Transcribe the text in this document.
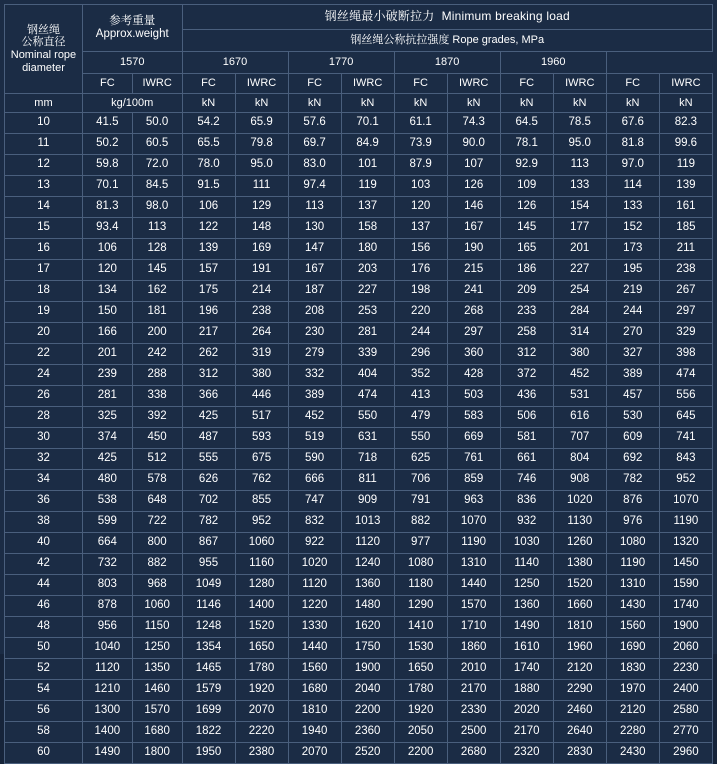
钢丝绳
公称直径
Nominal rope
diameter

参考重量
Approx.weight
	钢丝绳最小破断拉力 Minimum breaking load
			钢丝绳公称抗拉强度 Rope grades, MPa									
	1570		1670		1770		1870		1960			
	FC	IWRC	FC	IWRC	FC	IWRC	FC	IWRC	FC	IWRC	FC	IWRC
mm	kg/100m		kN	kN	kN	kN	kN	kN	kN	kN	kN	kN
10	41.5	50.0	54.2	65.9	57.6	70.1	61.1	74.3	64.5	78.5	67.6	82.3
11	50.2	60.5	65.5	79.8	69.7	84.9	73.9	90.0	78.1	95.0	81.8	99.6
12	59.8	72.0	78.0	95.0	83.0	101	87.9	107	92.9	113	97.0	119
13	70.1	84.5	91.5	111	97.4	119	103	126	109	133	114	139
14	81.3	98.0	106	129	113	137	120	146	126	154	133	161
15	93.4	113	122	148	130	158	137	167	145	177	152	185
16	106	128	139	169	147	180	156	190	165	201	173	211
17	120	145	157	191	167	203	176	215	186	227	195	238
18	134	162	175	214	187	227	198	241	209	254	219	267
19	150	181	196	238	208	253	220	268	233	284	244	297
20	166	200	217	264	230	281	244	297	258	314	270	329
22	201	242	262	319	279	339	296	360	312	380	327	398
24	239	288	312	380	332	404	352	428	372	452	389	474
26	281	338	366	446	389	474	413	503	436	531	457	556
28	325	392	425	517	452	550	479	583	506	616	530	645
30	374	450	487	593	519	631	550	669	581	707	609	741
32	425	512	555	675	590	718	625	761	661	804	692	843
34	480	578	626	762	666	811	706	859	746	908	782	952
36	538	648	702	855	747	909	791	963	836	1020	876	1070
38	599	722	782	952	832	1013	882	1070	932	1130	976	1190
40	664	800	867	1060	922	1120	977	1190	1030	1260	1080	1320
42	732	882	955	1160	1020	1240	1080	1310	1140	1380	1190	1450
44	803	968	1049	1280	1120	1360	1180	1440	1250	1520	1310	1590
46	878	1060	1146	1400	1220	1480	1290	1570	1360	1660	1430	1740
48	956	1150	1248	1520	1330	1620	1410	1710	1490	1810	1560	1900
50	1040	1250	1354	1650	1440	1750	1530	1860	1610	1960	1690	2060
52	1120	1350	1465	1780	1560	1900	1650	2010	1740	2120	1830	2230
54	1210	1460	1579	1920	1680	2040	1780	2170	1880	2290	1970	2400
56	1300	1570	1699	2070	1810	2200	1920	2330	2020	2460	2120	2580
58	1400	1680	1822	2220	1940	2360	2050	2500	2170	2640	2280	2770
60	1490	1800	1950	2380	2070	2520	2200	2680	2320	2830	2430	2960
